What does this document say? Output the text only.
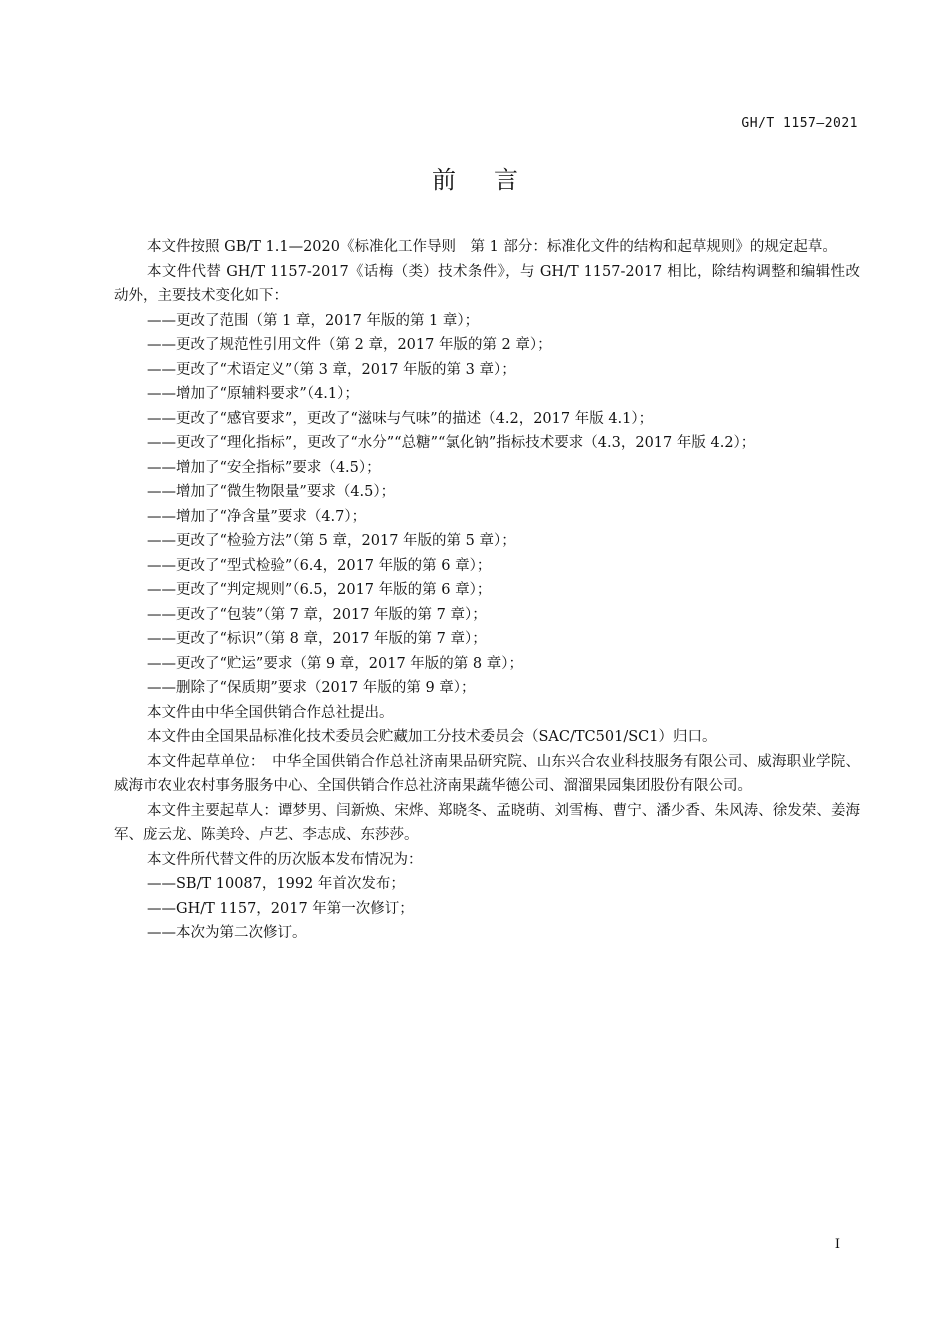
GH/T 1157—2021
前言

本文件按照 GB/T 1.1—2020《标准化工作导则　第 1 部分：标准化文件的结构和起草规则》的规定起草。

本文件代替 GH/T 1157-2017《话梅（类）技术条件》，与 GH/T 1157-2017 相比，除结构调整和编辑性改动外，主要技术变化如下：

——更改了范围（第 1 章，2017 年版的第 1 章）；

——更改了规范性引用文件（第 2 章，2017 年版的第 2 章）；

——更改了“术语定义”（第 3 章，2017 年版的第 3 章）；

——增加了“原辅料要求”（4.1）；

——更改了“感官要求”，更改了“滋味与气味”的描述（4.2，2017 年版 4.1）；

——更改了“理化指标”，更改了“水分”“总糖”“氯化钠”指标技术要求（4.3，2017 年版 4.2）；

——增加了“安全指标”要求（4.5）；

——增加了“微生物限量”要求（4.5）；

——增加了“净含量”要求（4.7）；

——更改了“检验方法”（第 5 章，2017 年版的第 5 章）；

——更改了“型式检验”（6.4，2017 年版的第 6 章）；

——更改了“判定规则”（6.5，2017 年版的第 6 章）；

——更改了“包装”（第 7 章，2017 年版的第 7 章）；

——更改了“标识”（第 8 章，2017 年版的第 7 章）；

——更改了“贮运”要求（第 9 章，2017 年版的第 8 章）；

——删除了“保质期”要求（2017 年版的第 9 章）；

本文件由中华全国供销合作总社提出。

本文件由全国果品标准化技术委员会贮藏加工分技术委员会（SAC/TC501/SC1）归口。

本文件起草单位：　中华全国供销合作总社济南果品研究院、山东兴合农业科技服务有限公司、威海职业学院、威海市农业农村事务服务中心、全国供销合作总社济南果蔬华德公司、溜溜果园集团股份有限公司。

本文件主要起草人：谭梦男、闫新焕、宋烨、郑晓冬、孟晓萌、刘雪梅、曹宁、潘少香、朱风涛、徐发荣、姜海军、庞云龙、陈美玲、卢艺、李志成、东莎莎。

本文件所代替文件的历次版本发布情况为：

——SB/T 10087，1992 年首次发布；

——GH/T 1157，2017 年第一次修订；

——本次为第二次修订。

I
